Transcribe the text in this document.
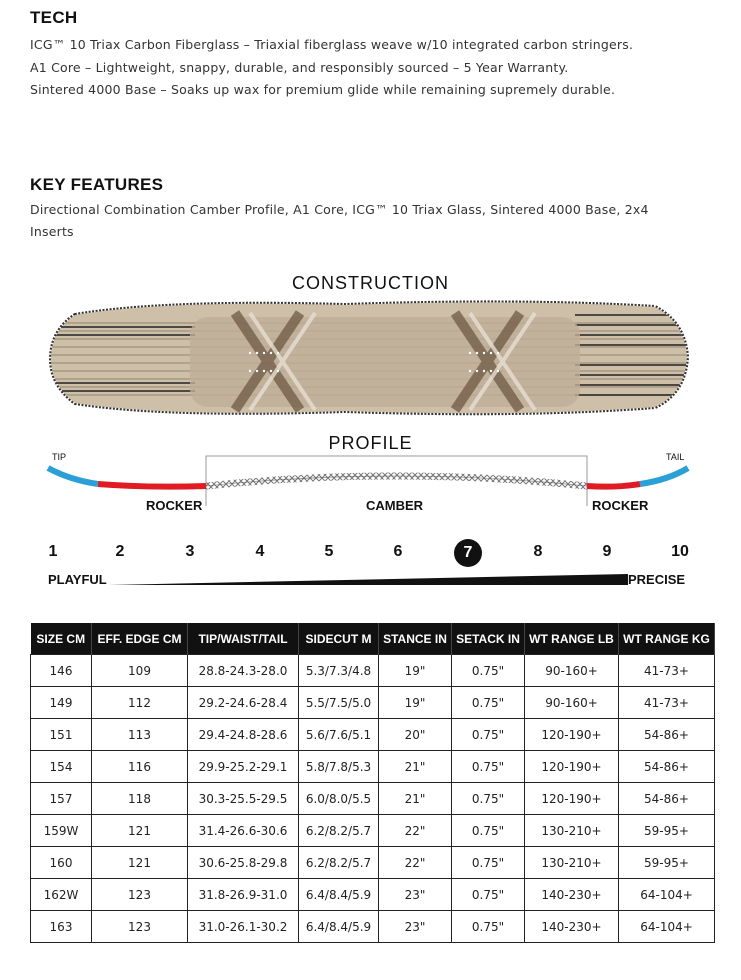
TECH
ICG™ 10 Triax Carbon Fiberglass – Triaxial fiberglass weave w/10 integrated carbon stringers.
A1 Core – Lightweight, snappy, durable, and responsibly sourced – 5 Year Warranty.
Sintered 4000 Base – Soaks up wax for premium glide while remaining supremely durable.
KEY FEATURES
Directional Combination Camber Profile, A1 Core, ICG™ 10 Triax Glass, Sintered 4000 Base, 2x4
Inserts
CONSTRUCTION
PROFILE
TIP	TAIL
ROCKER	CAMBER	ROCKER
1	2	3	4	5	6	7	8	9	10
PLAYFUL	PRECISE
SIZE CM	EFF. EDGE CM	TIP/WAIST/TAIL	SIDECUT M	STANCE IN	SETACK IN	WT RANGE LB	WT RANGE KG
146	109	28.8-24.3-28.0	5.3/7.3/4.8	19"	0.75"	90-160+	41-73+
149	112	29.2-24.6-28.4	5.5/7.5/5.0	19"	0.75"	90-160+	41-73+
151	113	29.4-24.8-28.6	5.6/7.6/5.1	20"	0.75"	120-190+	54-86+
154	116	29.9-25.2-29.1	5.8/7.8/5.3	21"	0.75"	120-190+	54-86+
157	118	30.3-25.5-29.5	6.0/8.0/5.5	21"	0.75"	120-190+	54-86+
159W	121	31.4-26.6-30.6	6.2/8.2/5.7	22"	0.75"	130-210+	59-95+
160	121	30.6-25.8-29.8	6.2/8.2/5.7	22"	0.75"	130-210+	59-95+
162W	123	31.8-26.9-31.0	6.4/8.4/5.9	23"	0.75"	140-230+	64-104+
163	123	31.0-26.1-30.2	6.4/8.4/5.9	23"	0.75"	140-230+	64-104+
